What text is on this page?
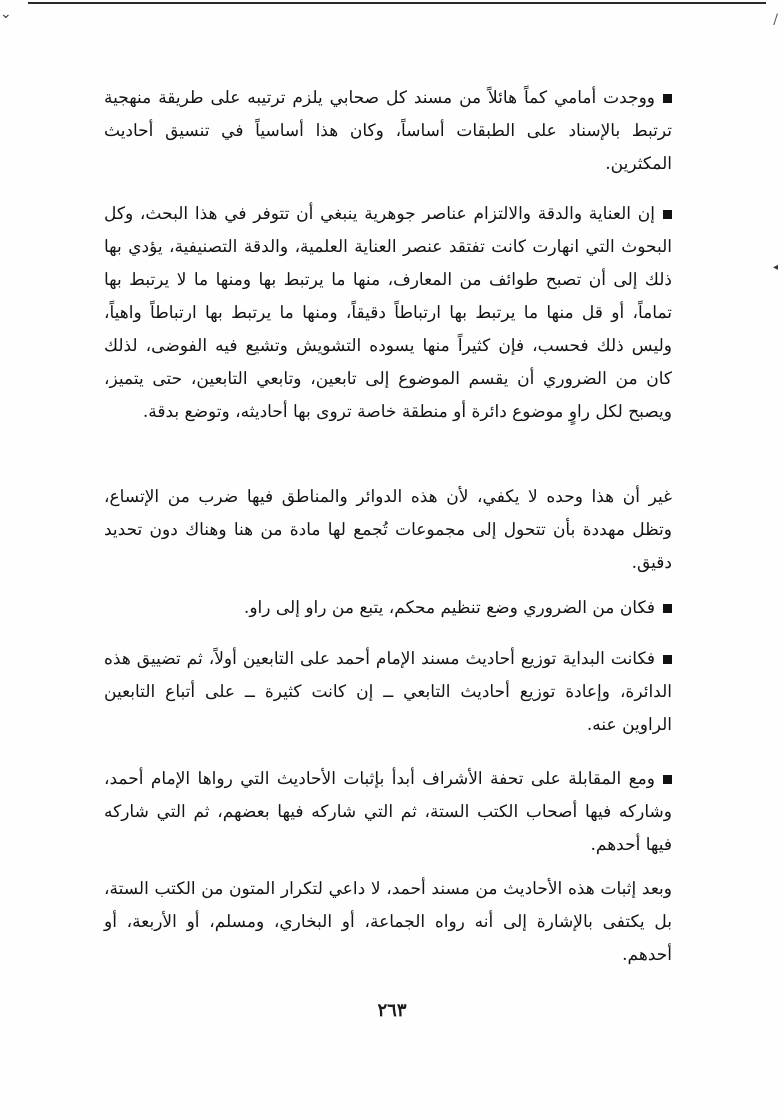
⌄	/
◂
ووجدت أمامي كماً هائلاً من مسند كل صحابي يلزم ترتيبه على طريقة منهجية ترتبط بالإسناد على الطبقات أساساً، وكان هذا أساسياً في تنسيق أحاديث المكثرين.
إن العناية والدقة والالتزام عناصر جوهرية ينبغي أن تتوفر في هذا البحث، وكل البحوث التي انهارت كانت تفتقد عنصر العناية العلمية، والدقة التصنيفية، يؤدي بها ذلك إلى أن تصبح طوائف من المعارف، منها ما يرتبط بها ومنها ما لا يرتبط بها تماماً، أو قل منها ما يرتبط بها ارتباطاً دقيقاً، ومنها ما يرتبط بها ارتباطاً واهياً، وليس ذلك فحسب، فإن كثيراً منها يسوده التشويش وتشيع فيه الفوضى، لذلك كان من الضروري أن يقسم الموضوع إلى تابعين، وتابعي التابعين، حتى يتميز، ويصبح لكل راوٍ موضوع دائرة أو منطقة خاصة تروى بها أحاديثه، وتوضع بدقة.
غير أن هذا وحده لا يكفي، لأن هذه الدوائر والمناطق فيها ضرب من الإتساع، وتظل مهددة بأن تتحول إلى مجموعات تُجمع لها مادة من هنا وهناك دون تحديد دقيق.
فكان من الضروري وضع تنظيم محكم، يتبع من راو إلى راو.
فكانت البداية توزيع أحاديث مسند الإمام أحمد على التابعين أولاً، ثم تضييق هذه الدائرة، وإعادة توزيع أحاديث التابعي ــ إن كانت كثيرة ــ على أتباع التابعين الراوين عنه.
ومع المقابلة على تحفة الأشراف أبدأ بإثبات الأحاديث التي رواها الإمام أحمد، وشاركه فيها أصحاب الكتب الستة، ثم التي شاركه فيها بعضهم، ثم التي شاركه فيها أحدهم.
وبعد إثبات هذه الأحاديث من مسند أحمد، لا داعي لتكرار المتون من الكتب الستة، بل يكتفى بالإشارة إلى أنه رواه الجماعة، أو البخاري، ومسلم، أو الأربعة، أو أحدهم.
٢٦٣
